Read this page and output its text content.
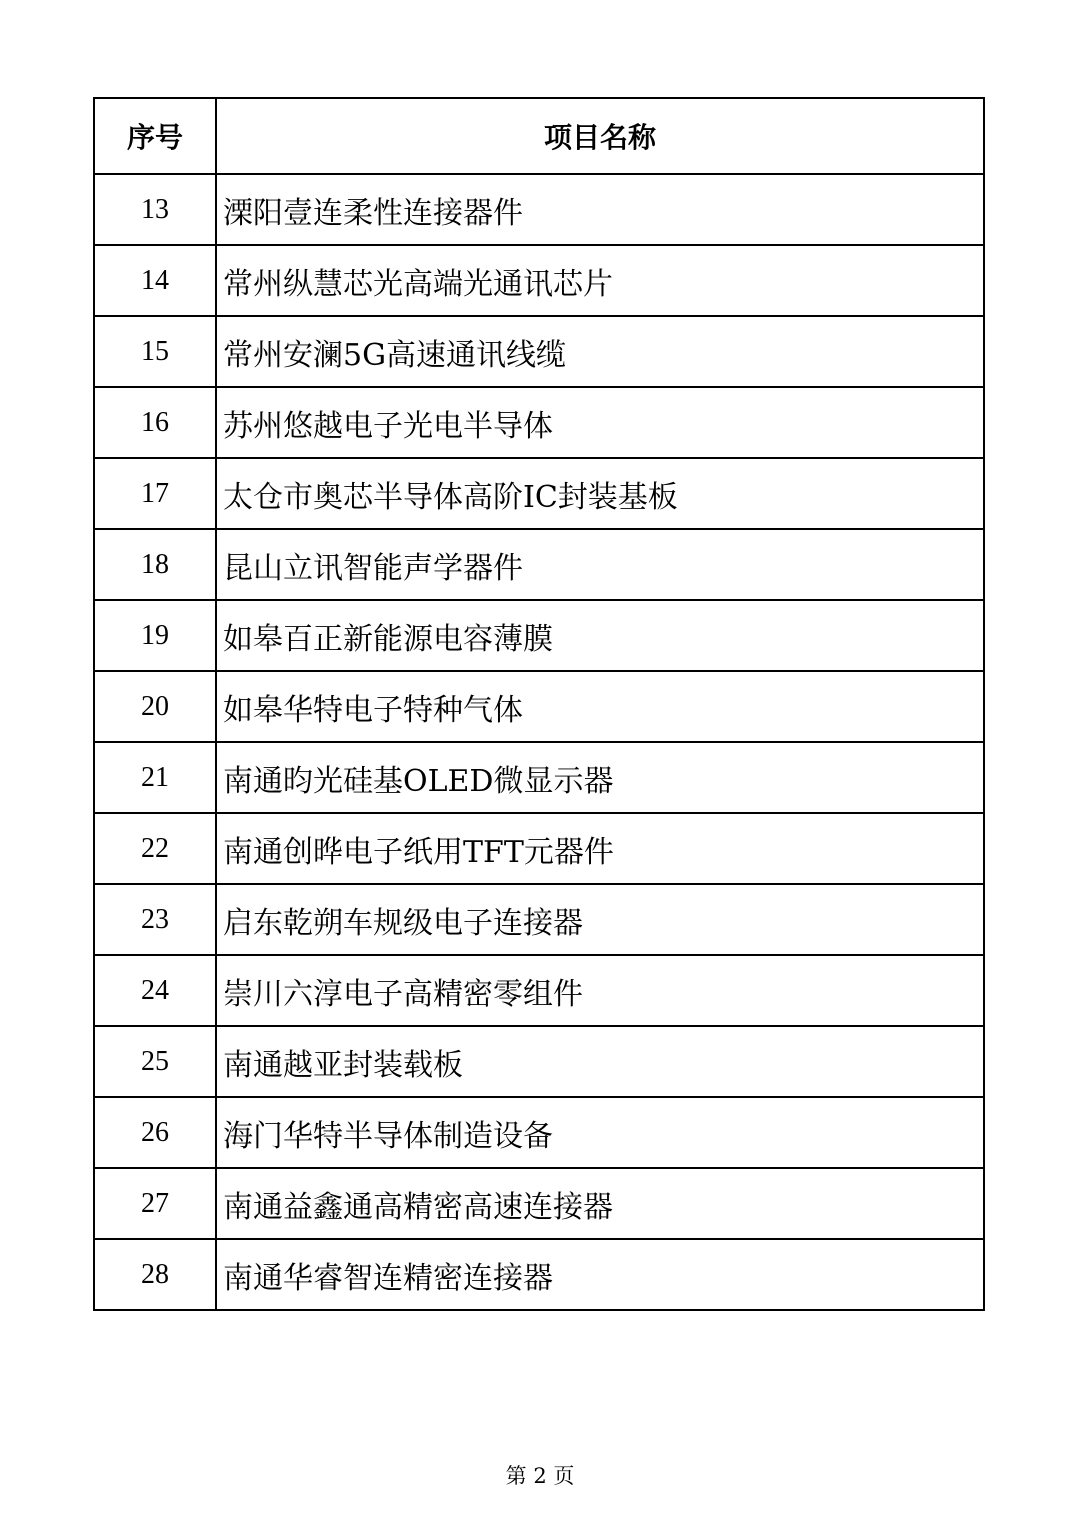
序号	项目名称
13	溧阳壹连柔性连接器件
14	常州纵慧芯光高端光通讯芯片
15	常州安澜5G高速通讯线缆
16	苏州悠越电子光电半导体
17	太仓市奥芯半导体高阶IC封装基板
18	昆山立讯智能声学器件
19	如皋百正新能源电容薄膜
20	如皋华特电子特种气体
21	南通昀光硅基OLED微显示器
22	南通创晔电子纸用TFT元器件
23	启东乾朔车规级电子连接器
24	崇川六淳电子高精密零组件
25	南通越亚封装载板
26	海门华特半导体制造设备
27	南通益鑫通高精密高速连接器
28	南通华睿智连精密连接器
第 2 页
